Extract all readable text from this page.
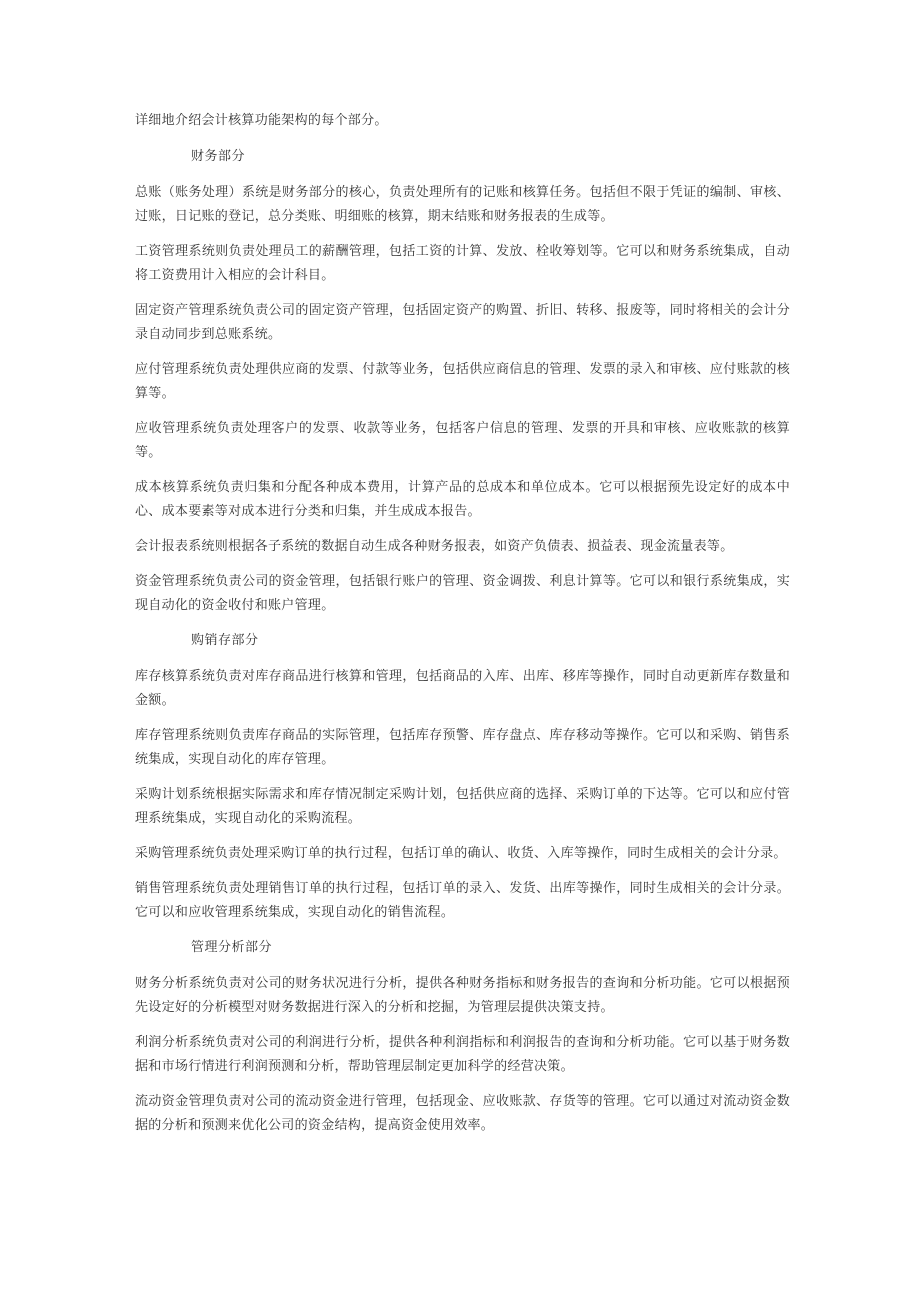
详细地介绍会计核算功能架构的每个部分。

财务部分

总账（账务处理）系统是财务部分的核心，负责处理所有的记账和核算任务。包括但不限于凭证的编制、审核、过账，日记账的登记，总分类账、明细账的核算，期末结账和财务报表的生成等。

工资管理系统则负责处理员工的薪酬管理，包括工资的计算、发放、栓收筹划等。它可以和财务系统集成，自动将工资费用计入相应的会计科目。

固定资产管理系统负责公司的固定资产管理，包括固定资产的购置、折旧、转移、报废等，同时将相关的会计分录自动同步到总账系统。

应付管理系统负责处理供应商的发票、付款等业务，包括供应商信息的管理、发票的录入和审核、应付账款的核算等。

应收管理系统负责处理客户的发票、收款等业务，包括客户信息的管理、发票的开具和审核、应收账款的核算等。

成本核算系统负责归集和分配各种成本费用，计算产品的总成本和单位成本。它可以根据预先设定好的成本中心、成本要素等对成本进行分类和归集，并生成成本报告。

会计报表系统则根据各子系统的数据自动生成各种财务报表，如资产负债表、损益表、现金流量表等。

资金管理系统负责公司的资金管理，包括银行账户的管理、资金调拨、利息计算等。它可以和银行系统集成，实现自动化的资金收付和账户管理。

购销存部分

库存核算系统负责对库存商品进行核算和管理，包括商品的入库、出库、移库等操作，同时自动更新库存数量和金额。

库存管理系统则负责库存商品的实际管理，包括库存预警、库存盘点、库存移动等操作。它可以和采购、销售系统集成，实现自动化的库存管理。

采购计划系统根据实际需求和库存情况制定采购计划，包括供应商的选择、采购订单的下达等。它可以和应付管理系统集成，实现自动化的采购流程。

采购管理系统负责处理采购订单的执行过程，包括订单的确认、收货、入库等操作，同时生成相关的会计分录。

销售管理系统负责处理销售订单的执行过程，包括订单的录入、发货、出库等操作，同时生成相关的会计分录。它可以和应收管理系统集成，实现自动化的销售流程。

管理分析部分

财务分析系统负责对公司的财务状况进行分析，提供各种财务指标和财务报告的查询和分析功能。它可以根据预先设定好的分析模型对财务数据进行深入的分析和挖掘，为管理层提供决策支持。

利润分析系统负责对公司的利润进行分析，提供各种利润指标和利润报告的查询和分析功能。它可以基于财务数据和市场行情进行利润预测和分析，帮助管理层制定更加科学的经营决策。

流动资金管理负责对公司的流动资金进行管理，包括现金、应收账款、存货等的管理。它可以通过对流动资金数据的分析和预测来优化公司的资金结构，提高资金使用效率。
